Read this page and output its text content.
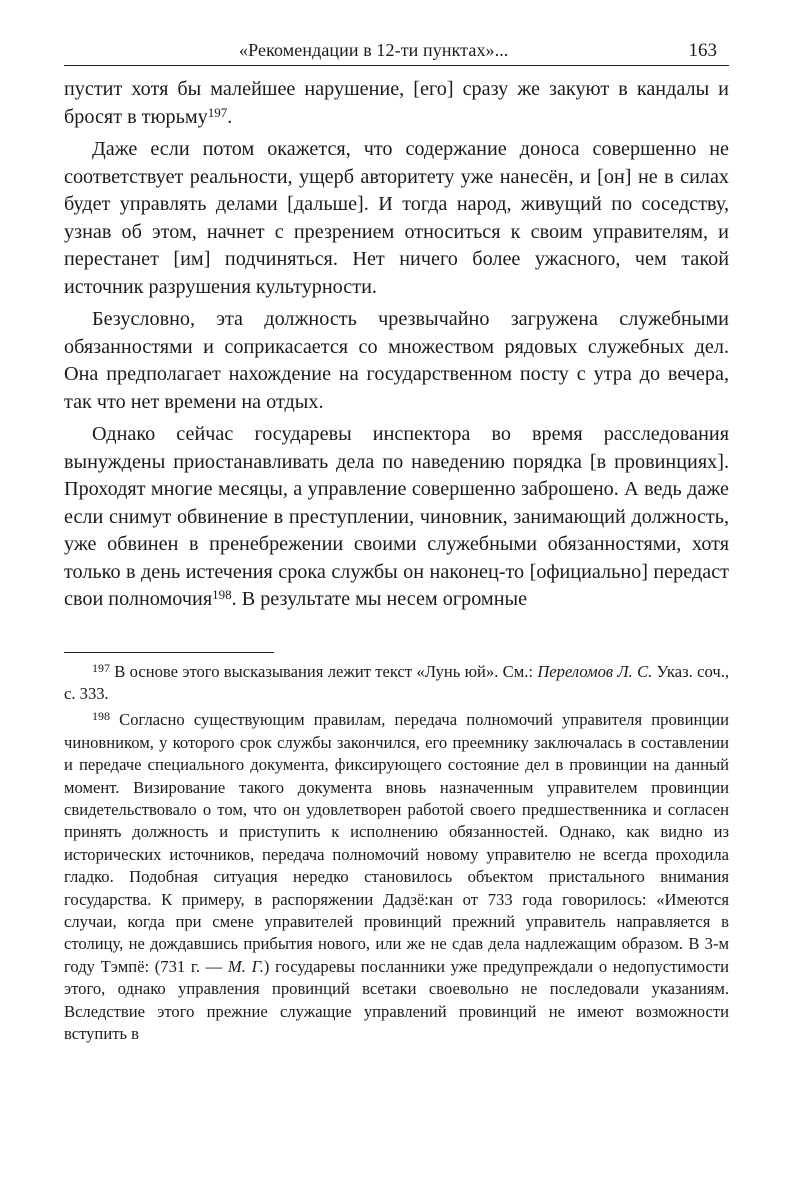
«Рекомендации в 12-ти пунктах»...	163

пустит хотя бы малейшее нарушение, [его] сразу же закуют в кандалы и бросят в тюрьму$^{197}$.

Даже если потом окажется, что содержание доноса совершенно не соответствует реальности, ущерб авторитету уже нанесён, и [он] не в силах будет управлять делами [дальше]. И тогда народ, живущий по соседству, узнав об этом, начнет с презрением относиться к своим управителям, и перестанет [им] подчиняться. Нет ничего более ужасного, чем такой источник разрушения культурности.

Безусловно, эта должность чрезвычайно загружена служебными обязанностями и соприкасается со множеством рядовых служебных дел. Она предполагает нахождение на государственном посту с утра до вечера, так что нет времени на отдых.

Однако сейчас государевы инспектора во время расследования вынуждены приостанавливать дела по наведению порядка [в провинциях]. Проходят многие месяцы, а управление совершенно заброшено. А ведь даже если снимут обвинение в преступлении, чиновник, занимающий должность, уже обвинен в пренебрежении своими служебными обязанностями, хотя только в день истечения срока службы он наконец-то [официально] передаст свои полномочия$^{198}$. В результате мы несем огромные

$^{197}$ В основе этого высказывания лежит текст «Лунь юй». См.: Переломов Л. С. Указ. соч., с. 333.

$^{198}$ Согласно существующим правилам, передача полномочий управителя провинции чиновником, у которого срок службы закончился, его преемнику заключалась в составлении и передаче специального документа, фиксирующего состояние дел в провинции на данный момент. Визирование такого документа вновь назначенным управителем провинции свидетельствовало о том, что он удовлетворен работой своего предшественника и согласен принять должность и приступить к исполнению обязанностей. Однако, как видно из исторических источников, передача полномочий новому управителю не всегда проходила гладко. Подобная ситуация нередко становилось объектом пристального внимания государства. К примеру, в распоряжении Дадзё:кан от 733 года говорилось: «Имеются случаи, когда при смене управителей провинций прежний управитель направляется в столицу, не дождавшись прибытия нового, или же не сдав дела надлежащим образом. В 3-м году Тэмпё: (731 г. — М. Г.) государевы посланники уже предупреждали о недопустимости этого, однако управления провинций всетаки своевольно не последовали указаниям. Вследствие этого прежние служащие управлений провинций не имеют возможности вступить в
